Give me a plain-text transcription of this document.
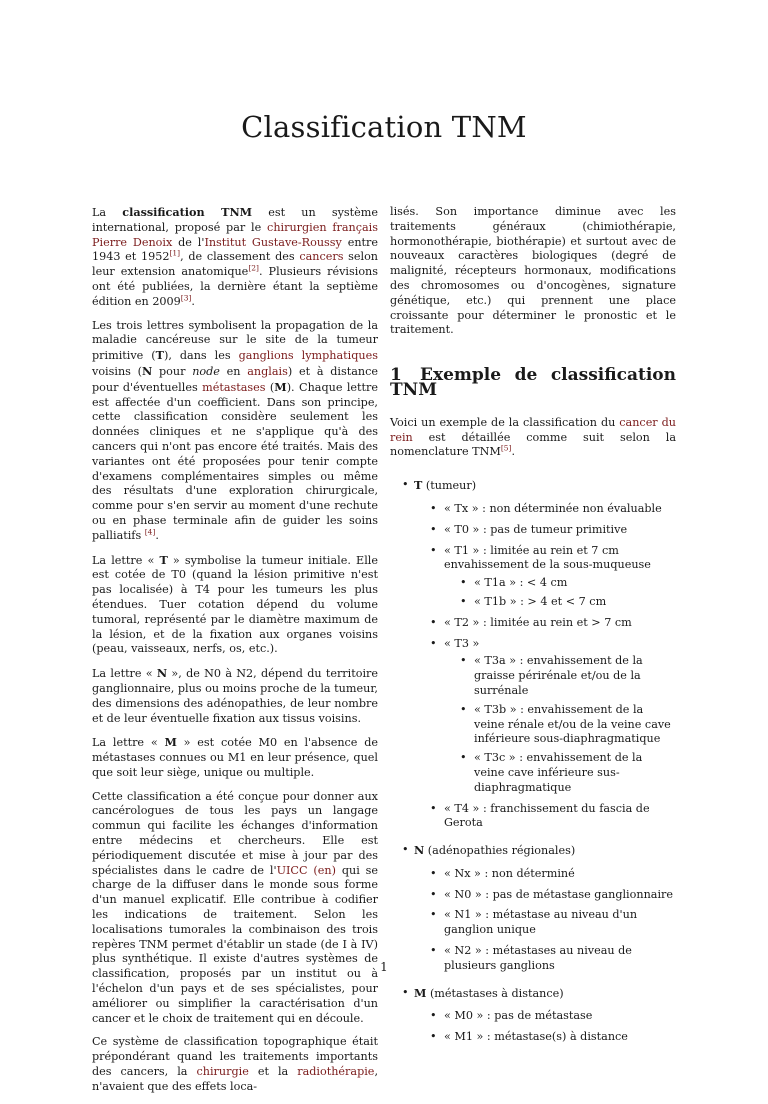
Classification TNM

La classification TNM est un système international, proposé par le chirurgien français Pierre Denoix de l'Institut Gustave-Roussy entre 1943 et 1952[1], de classement des cancers selon leur extension anatomique[2]. Plusieurs révisions ont été publiées, la dernière étant la septième édition en 2009[3].

Les trois lettres symbolisent la propagation de la maladie cancéreuse sur le site de la tumeur primitive (T), dans les ganglions lymphatiques voisins (N pour node en anglais) et à distance pour d'éventuelles métastases (M). Chaque lettre est affectée d'un coefficient. Dans son principe, cette classification considère seulement les données cliniques et ne s'applique qu'à des cancers qui n'ont pas encore été traités. Mais des variantes ont été proposées pour tenir compte d'examens complémentaires simples ou même des résultats d'une exploration chirurgicale, comme pour s'en servir au moment d'une rechute ou en phase terminale afin de guider les soins palliatifs [4].

La lettre « T » symbolise la tumeur initiale. Elle est cotée de T0 (quand la lésion primitive n'est pas localisée) à T4 pour les tumeurs les plus étendues. Tuer cotation dépend du volume tumoral, représenté par le diamètre maximum de la lésion, et de la fixation aux organes voisins (peau, vaisseaux, nerfs, os, etc.).

La lettre « N », de N0 à N2, dépend du territoire ganglionnaire, plus ou moins proche de la tumeur, des dimensions des adénopathies, de leur nombre et de leur éventuelle fixation aux tissus voisins.

La lettre « M » est cotée M0 en l'absence de métastases connues ou M1 en leur présence, quel que soit leur siège, unique ou multiple.

Cette classification a été conçue pour donner aux cancérologues de tous les pays un langage commun qui facilite les échanges d'information entre médecins et chercheurs. Elle est périodiquement discutée et mise à jour par des spécialistes dans le cadre de l'UICC (en) qui se charge de la diffuser dans le monde sous forme d'un manuel explicatif. Elle contribue à codifier les indications de traitement. Selon les localisations tumorales la combinaison des trois repères TNM permet d'établir un stade (de I à IV) plus synthétique. Il existe d'autres systèmes de classification, proposés par un institut ou à l'échelon d'un pays et de ses spécialistes, pour améliorer ou simplifier la caractérisation d'un cancer et le choix de traitement qui en découle.

Ce système de classification topographique était prépondérant quand les traitements importants des cancers, la chirurgie et la radiothérapie, n'avaient que des effets loca-

lisés. Son importance diminue avec les traitements généraux (chimiothérapie, hormonothérapie, biothérapie) et surtout avec de nouveaux caractères biologiques (degré de malignité, récepteurs hormonaux, modifications des chromosomes ou d'oncogènes, signature génétique, etc.) qui prennent une place croissante pour déterminer le pronostic et le traitement.

1 Exemple de classification TNM

Voici un exemple de la classification du cancer du rein est détaillée comme suit selon la nomenclature TNM[5].

• T (tumeur)
• « Tx » : non déterminée non évaluable
• « T0 » : pas de tumeur primitive
• « T1 » : limitée au rein et 7 cm envahissement de la sous-muqueuse
• « T1a » : < 4 cm
• « T1b » : > 4 et < 7 cm
• « T2 » : limitée au rein et > 7 cm
• « T3 »
• « T3a » : envahissement de la graisse périrénale et/ou de la surrénale
• « T3b » : envahissement de la veine rénale et/ou de la veine cave inférieure sous-diaphragmatique
• « T3c » : envahissement de la veine cave inférieure sus-diaphragmatique
• « T4 » : franchissement du fascia de Gerota
• N (adénopathies régionales)
• « Nx » : non déterminé
• « N0 » : pas de métastase ganglionnaire
• « N1 » : métastase au niveau d'un ganglion unique
• « N2 » : métastases au niveau de plusieurs ganglions
• M (métastases à distance)
• « M0 » : pas de métastase
• « M1 » : métastase(s) à distance
1
